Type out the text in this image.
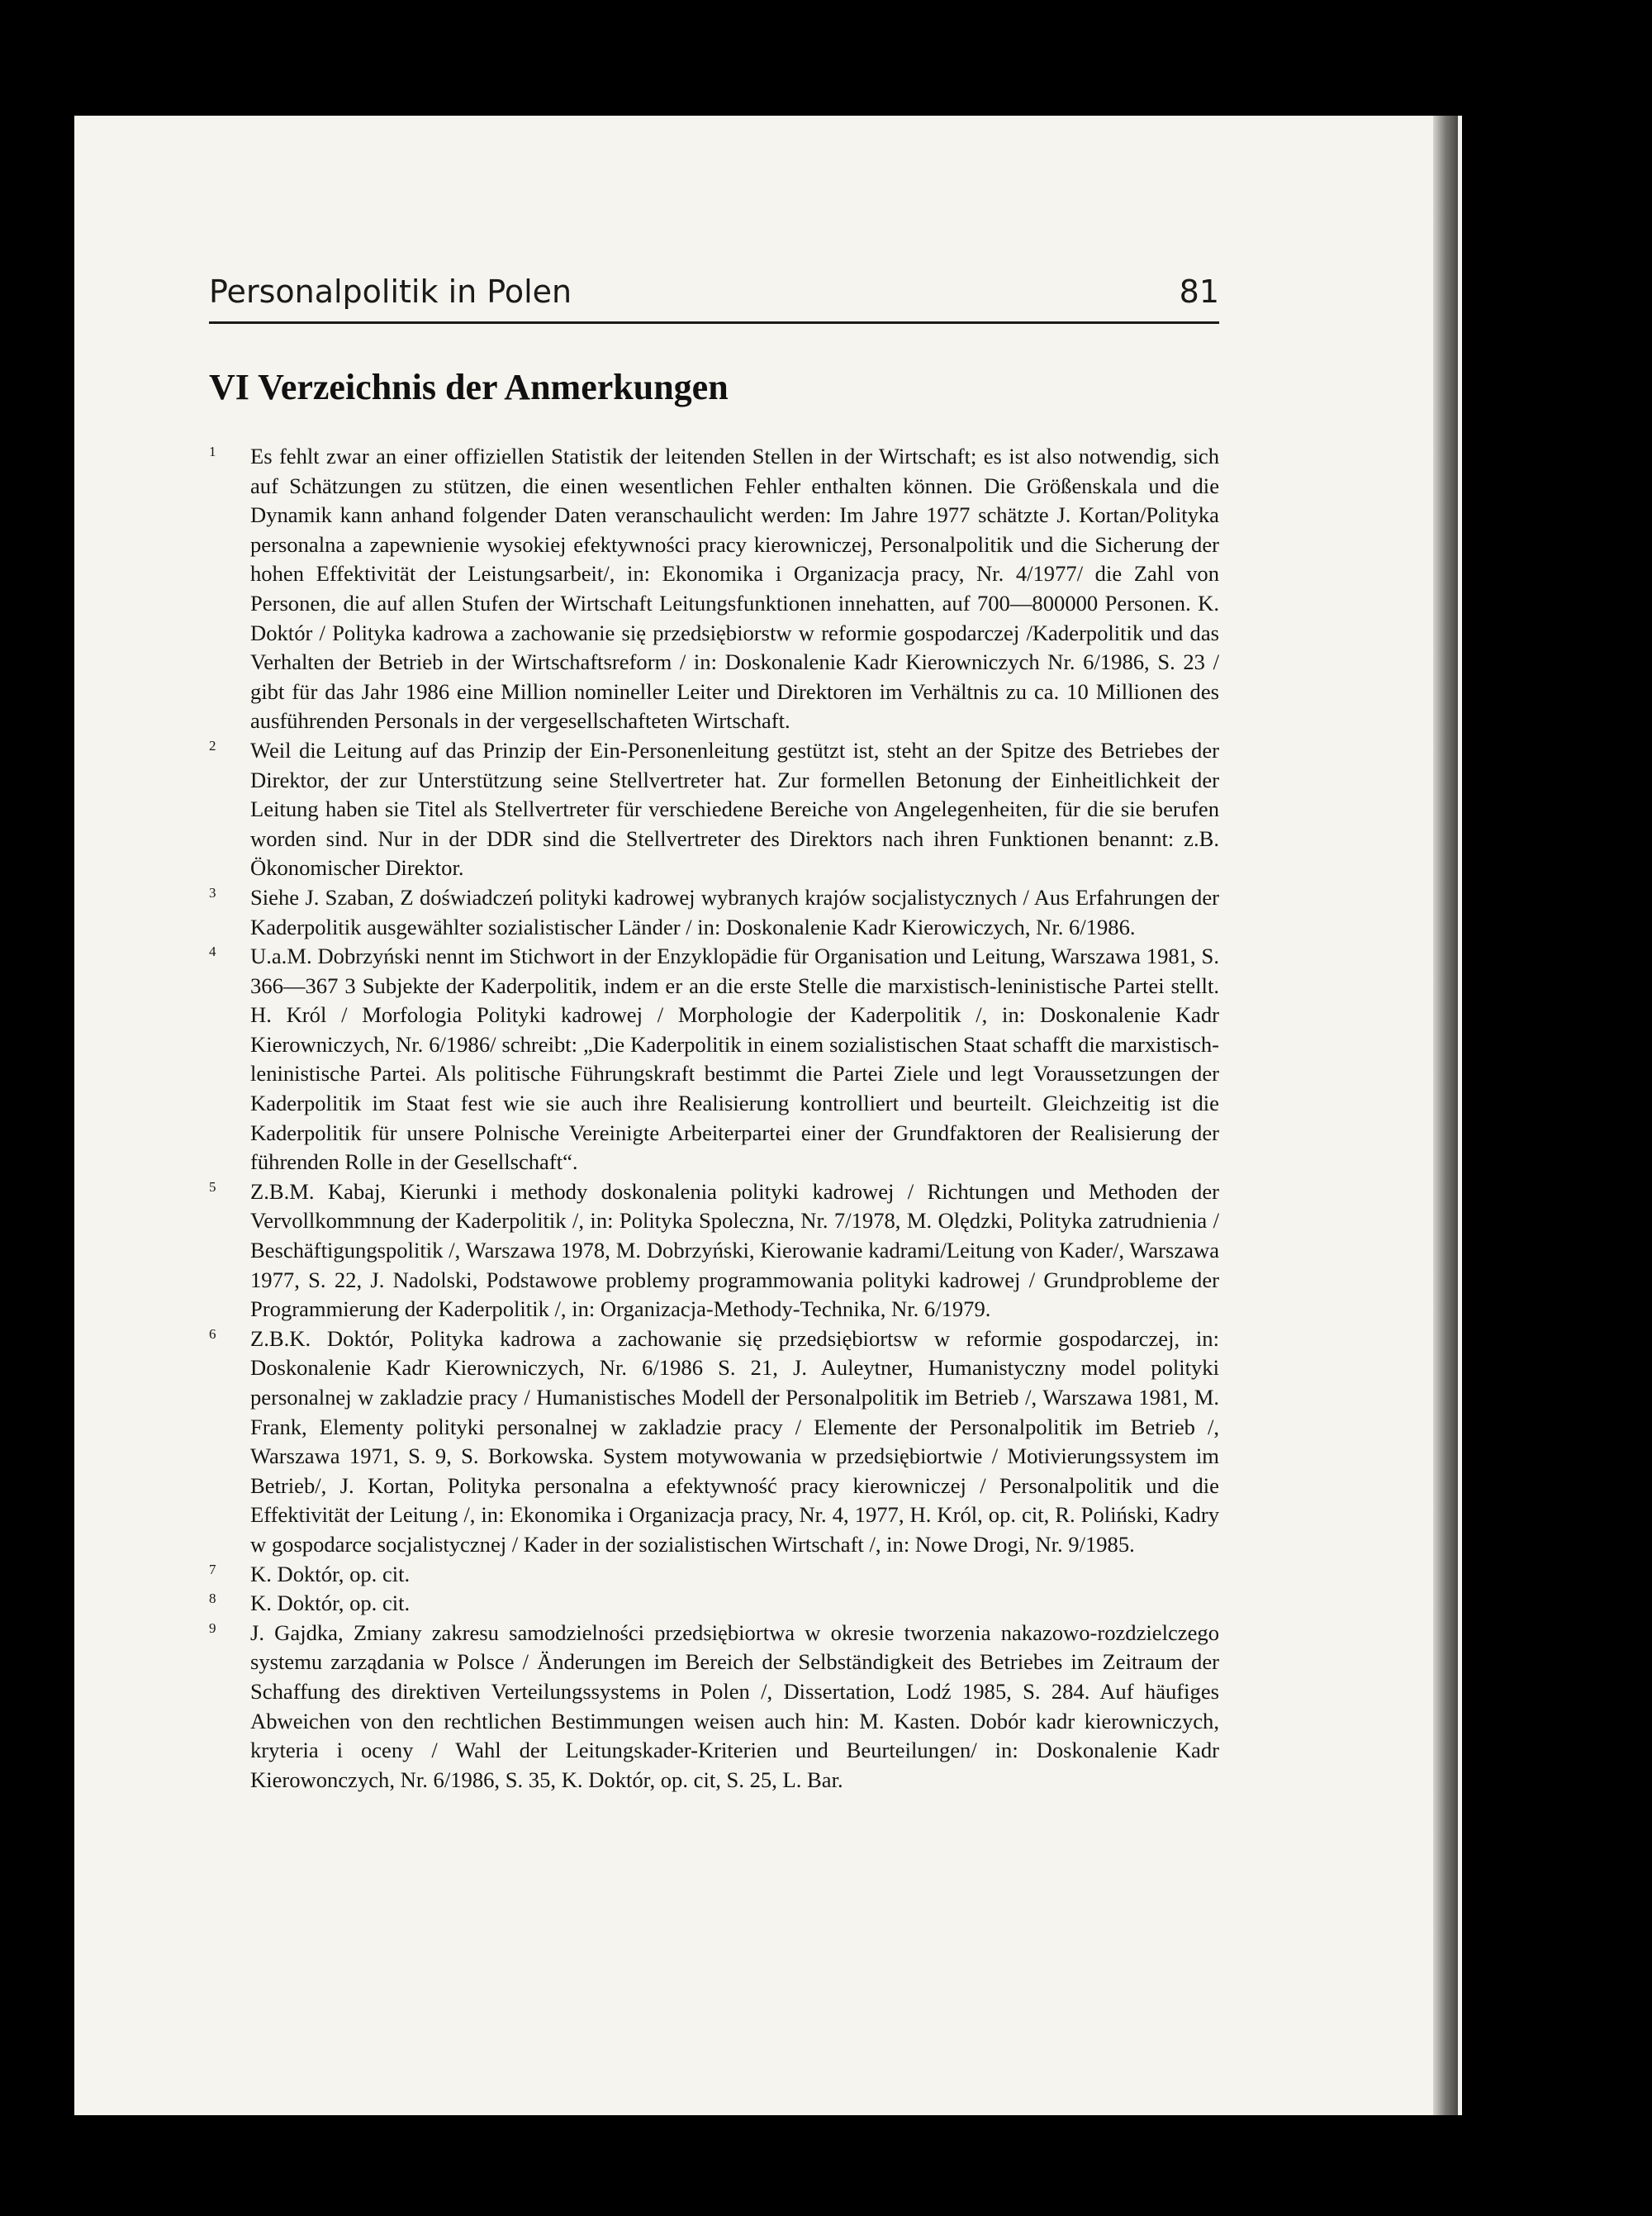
Personalpolitik in Polen	81
VI Verzeichnis der Anmerkungen

1	Es fehlt zwar an einer offiziellen Statistik der leitenden Stellen in der Wirtschaft; es ist also notwendig, sich auf Schätzungen zu stützen, die einen wesentlichen Fehler enthalten können. Die Größenskala und die Dynamik kann anhand folgender Daten veranschaulicht werden: Im Jahre 1977 schätzte J. Kortan/Polityka personalna a zapewnienie wysokiej efektywności pracy kierowniczej, Personalpolitik und die Sicherung der hohen Effektivität der Leistungsarbeit/, in: Ekonomika i Organizacja pracy, Nr. 4/1977/ die Zahl von Personen, die auf allen Stufen der Wirtschaft Leitungsfunktionen innehatten, auf 700—800000 Personen. K. Doktór / Polityka kadrowa a zachowanie się przedsiębiorstw w reformie gospodarczej /Kaderpolitik und das Verhalten der Betrieb in der Wirtschaftsreform / in: Doskonalenie Kadr Kierowniczych Nr. 6/1986, S. 23 / gibt für das Jahr 1986 eine Million nomineller Leiter und Direktoren im Verhältnis zu ca. 10 Millionen des ausführenden Personals in der vergesellschafteten Wirtschaft.

2	Weil die Leitung auf das Prinzip der Ein-Personenleitung gestützt ist, steht an der Spitze des Betriebes der Direktor, der zur Unterstützung seine Stellvertreter hat. Zur formellen Betonung der Einheitlichkeit der Leitung haben sie Titel als Stellvertreter für verschiedene Bereiche von Angelegenheiten, für die sie berufen worden sind. Nur in der DDR sind die Stellvertreter des Direktors nach ihren Funktionen benannt: z.B. Ökonomischer Direktor.

3	Siehe J. Szaban, Z doświadczeń polityki kadrowej wybranych krajów socjalistycznych / Aus Erfahrungen der Kaderpolitik ausgewählter sozialistischer Länder / in: Doskonalenie Kadr Kierowiczych, Nr. 6/1986.

4	U.a.M. Dobrzyński nennt im Stichwort in der Enzyklopädie für Organisation und Leitung, Warszawa 1981, S. 366—367 3 Subjekte der Kaderpolitik, indem er an die erste Stelle die marxistisch-leninistische Partei stellt. H. Król / Morfologia Polityki kadrowej / Morphologie der Kaderpolitik /, in: Doskonalenie Kadr Kierowniczych, Nr. 6/1986/ schreibt: „Die Kaderpolitik in einem sozialistischen Staat schafft die marxistisch-leninistische Partei. Als politische Führungskraft bestimmt die Partei Ziele und legt Voraussetzungen der Kaderpolitik im Staat fest wie sie auch ihre Realisierung kontrolliert und beurteilt. Gleichzeitig ist die Kaderpolitik für unsere Polnische Vereinigte Arbeiterpartei einer der Grundfaktoren der Realisierung der führenden Rolle in der Gesellschaft“.

5	Z.B.M. Kabaj, Kierunki i methody doskonalenia polityki kadrowej / Richtungen und Methoden der Vervollkommnung der Kaderpolitik /, in: Polityka Spoleczna, Nr. 7/1978, M. Olędzki, Polityka zatrudnienia / Beschäftigungspolitik /, Warszawa 1978, M. Dobrzyński, Kierowanie kadrami/Leitung von Kader/, Warszawa 1977, S. 22, J. Nadolski, Podstawowe problemy programmowania polityki kadrowej / Grundprobleme der Programmierung der Kaderpolitik /, in: Organizacja-Methody-Technika, Nr. 6/1979.

6	Z.B.K. Doktór, Polityka kadrowa a zachowanie się przedsiębiortsw w reformie gospodarczej, in: Doskonalenie Kadr Kierowniczych, Nr. 6/1986 S. 21, J. Auleytner, Humanistyczny model polityki personalnej w zakladzie pracy / Humanistisches Modell der Personalpolitik im Betrieb /, Warszawa 1981, M. Frank, Elementy polityki personalnej w zakladzie pracy / Elemente der Personalpolitik im Betrieb /, Warszawa 1971, S. 9, S. Borkowska. System motywowania w przedsiębiortwie / Motivierungssystem im Betrieb/, J. Kortan, Polityka personalna a efektywność pracy kierowniczej / Personalpolitik und die Effektivität der Leitung /, in: Ekonomika i Organizacja pracy, Nr. 4, 1977, H. Król, op. cit, R. Poliński, Kadry w gospodarce socjalistycznej / Kader in der sozialistischen Wirtschaft /, in: Nowe Drogi, Nr. 9/1985.

7	K. Doktór, op. cit.

8	K. Doktór, op. cit.

9	J. Gajdka, Zmiany zakresu samodzielności przedsiębiortwa w okresie tworzenia nakazowo-rozdzielczego systemu zarządania w Polsce / Änderungen im Bereich der Selbständigkeit des Betriebes im Zeitraum der Schaffung des direktiven Verteilungssystems in Polen /, Dissertation, Lodź 1985, S. 284. Auf häufiges Abweichen von den rechtlichen Bestimmungen weisen auch hin: M. Kasten. Dobór kadr kierowniczych, kryteria i oceny / Wahl der Leitungskader-Kriterien und Beurteilungen/ in: Doskonalenie Kadr Kierowonczych, Nr. 6/1986, S. 35, K. Doktór, op. cit, S. 25, L. Bar.
